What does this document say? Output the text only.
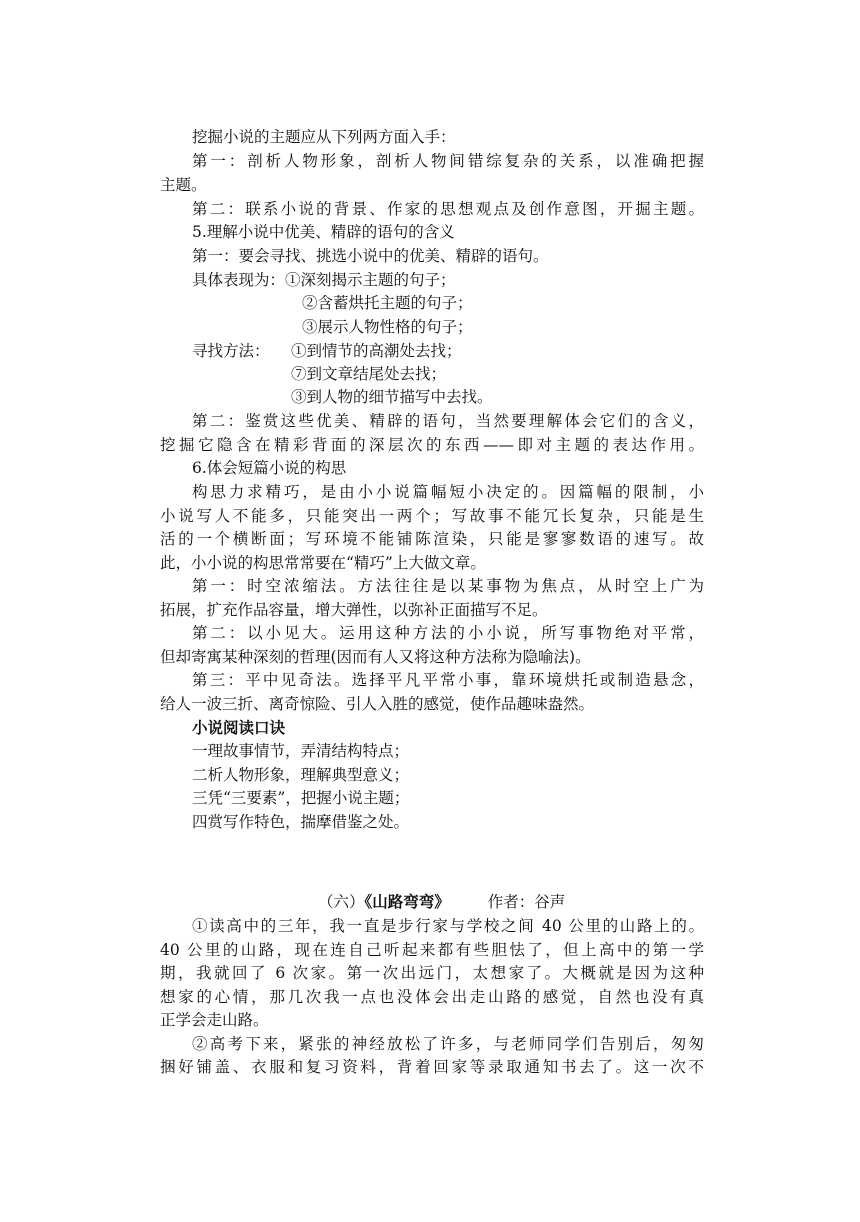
挖掘小说的主题应从下列两方面入手：
第一：剖析人物形象，剖析人物间错综复杂的关系，以准确把握
主题。
第二：联系小说的背景、作家的思想观点及创作意图，开掘主题。
5.理解小说中优美、精辟的语句的含义
第一：要会寻找、挑选小说中的优美、精辟的语句。
具体表现为：①深刻揭示主题的句子；
②含蓄烘托主题的句子；
③展示人物性格的句子；
寻找方法： ①到情节的高潮处去找；
⑦到文章结尾处去找；
③到人物的细节描写中去找。
第二：鉴赏这些优美、精辟的语句，当然要理解体会它们的含义，
挖掘它隐含在精彩背面的深层次的东西——即对主题的表达作用。
6.体会短篇小说的构思
构思力求精巧，是由小小说篇幅短小决定的。因篇幅的限制，小
小说写人不能多，只能突出一两个；写故事不能冗长复杂，只能是生
活的一个横断面；写环境不能铺陈渲染，只能是寥寥数语的速写。故
此，小小说的构思常常要在“精巧”上大做文章。
第一：时空浓缩法。方法往往是以某事物为焦点，从时空上广为
拓展，扩充作品容量，增大弹性，以弥补正面描写不足。
第二：以小见大。运用这种方法的小小说，所写事物绝对平常，
但却寄寓某种深刻的哲理(因而有人又将这种方法称为隐喻法)。
第三：平中见奇法。选择平凡平常小事，靠环境烘托或制造悬念，
给人一波三折、离奇惊险、引人入胜的感觉，使作品趣味盎然。
小说阅读口诀
一理故事情节，弄清结构特点；
二析人物形象，理解典型意义；
三凭“三要素”，把握小说主题；
四赏写作特色，揣摩借鉴之处。
（六）《山路弯弯》 作者：谷声
①读高中的三年，我一直是步行家与学校之间 40 公里的山路上的。
40 公里的山路，现在连自己听起来都有些胆怯了，但上高中的第一学
期，我就回了 6 次家。第一次出远门，太想家了。大概就是因为这种
想家的心情，那几次我一点也没体会出走山路的感觉，自然也没有真
正学会走山路。
②高考下来，紧张的神经放松了许多，与老师同学们告别后，匆匆
捆好铺盖、衣服和复习资料，背着回家等录取通知书去了。这一次不
